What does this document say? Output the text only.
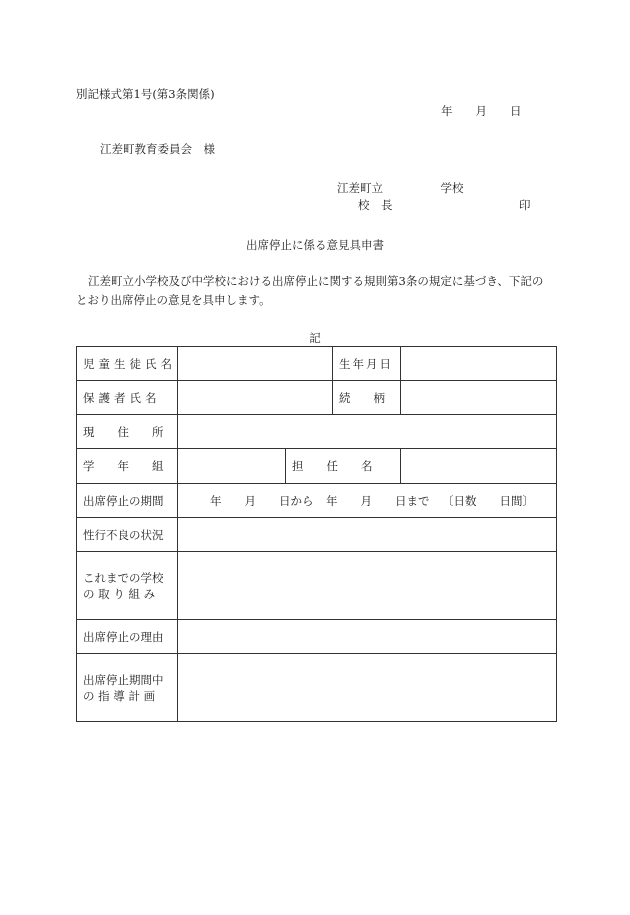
別記様式第1号(第3条関係)
年　　月　　日
江差町教育委員会　様
江差町立　　　　　学校
校　長　　　　　　　　　　　印
出席停止に係る意見具申書
江差町立小学校及び中学校における出席停止に関する規則第3条の規定に基づき、下記の
とおり出席停止の意見を具申します。
記
児童生徒氏名			生年月日	
保護者氏名			続　　柄	
現　　住　　所				
学　　年　　組		担　　任　　名		
出席停止の期間	年　　月　　日から 年　　月　　日まで 〔日数　　日間〕			

性行不良の状況				

これまでの学校
の 取 り 組 み				

出席停止の理由				

出席停止期間中
の 指 導 計 画				
